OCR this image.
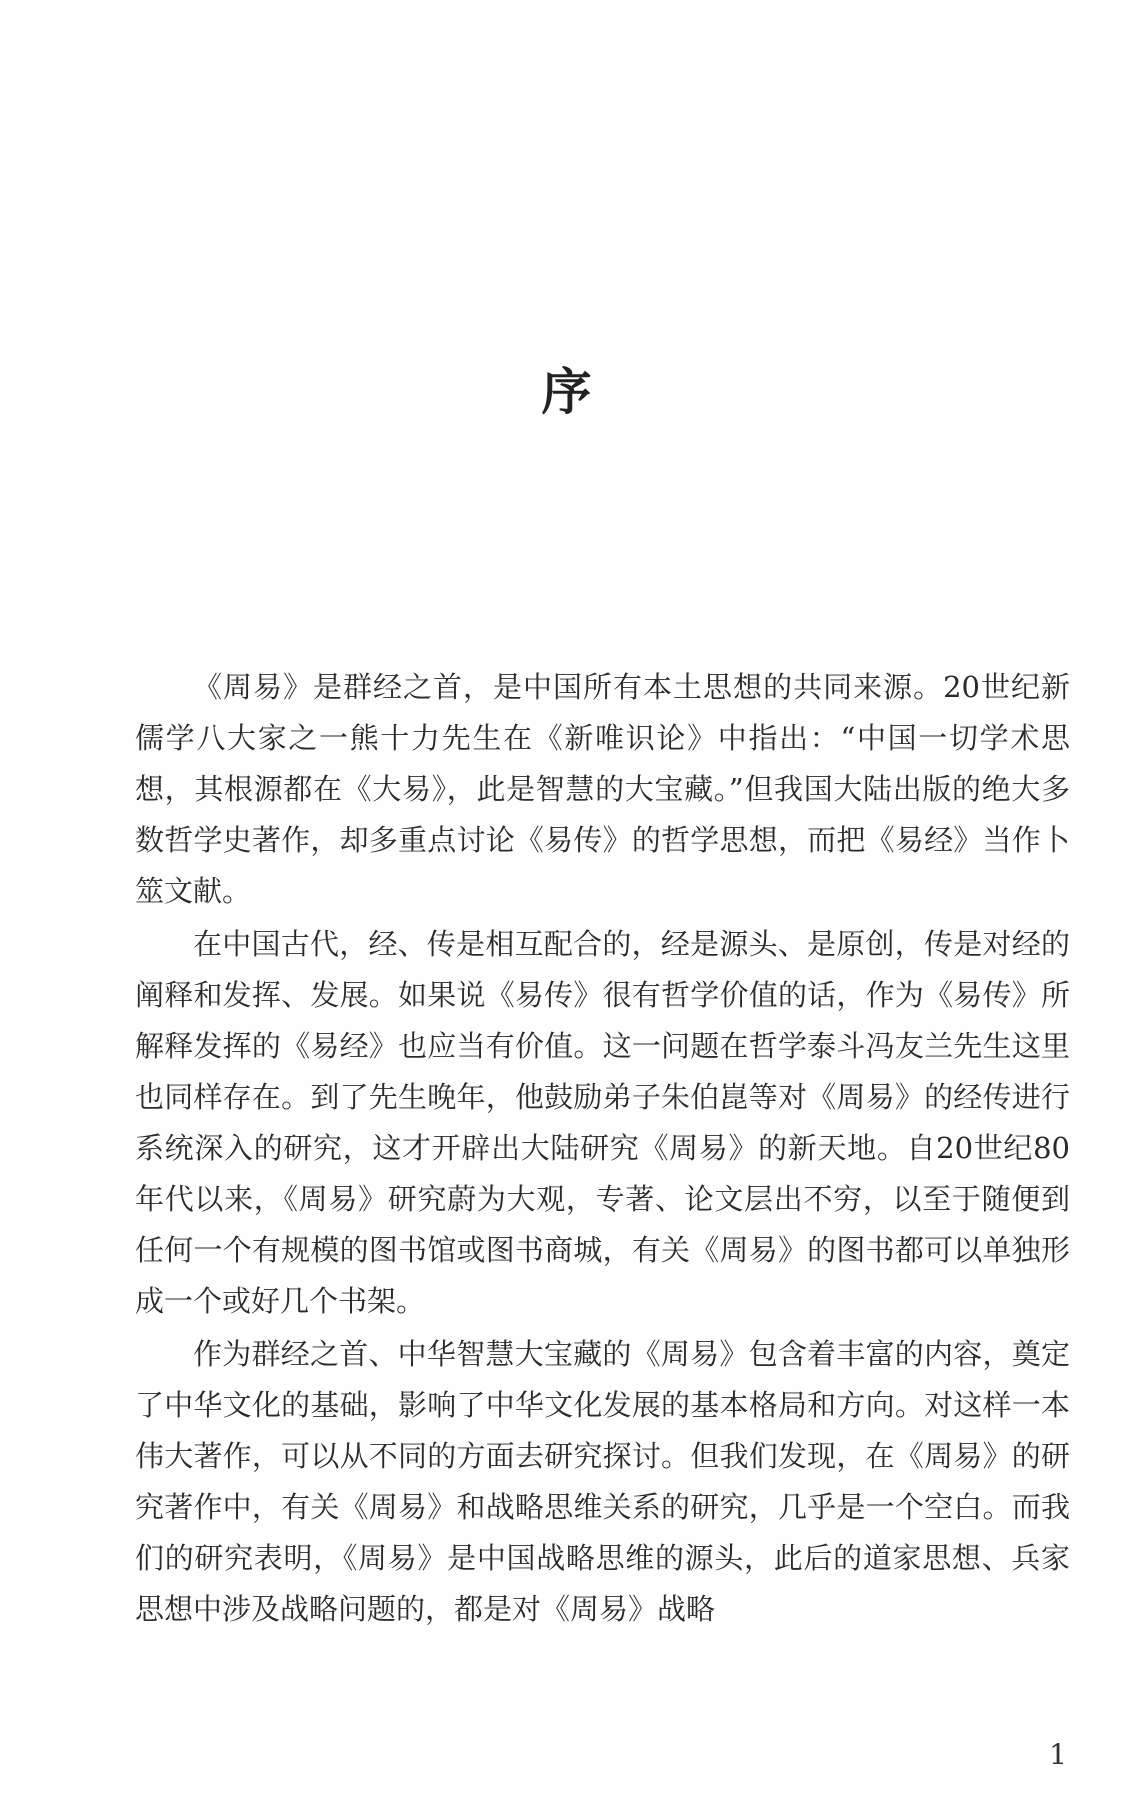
序

《周易》是群经之首，是中国所有本土思想的共同来源。20世纪新儒学八大家之一熊十力先生在《新唯识论》中指出：“中国一切学术思想，其根源都在《大易》，此是智慧的大宝藏。”但我国大陆出版的绝大多数哲学史著作，却多重点讨论《易传》的哲学思想，而把《易经》当作卜筮文献。

在中国古代，经、传是相互配合的，经是源头、是原创，传是对经的阐释和发挥、发展。如果说《易传》很有哲学价值的话，作为《易传》所解释发挥的《易经》也应当有价值。这一问题在哲学泰斗冯友兰先生这里也同样存在。到了先生晚年，他鼓励弟子朱伯崑等对《周易》的经传进行系统深入的研究，这才开辟出大陆研究《周易》的新天地。自20世纪80年代以来，《周易》研究蔚为大观，专著、论文层出不穷，以至于随便到任何一个有规模的图书馆或图书商城，有关《周易》的图书都可以单独形成一个或好几个书架。

作为群经之首、中华智慧大宝藏的《周易》包含着丰富的内容，奠定了中华文化的基础，影响了中华文化发展的基本格局和方向。对这样一本伟大著作，可以从不同的方面去研究探讨。但我们发现，在《周易》的研究著作中，有关《周易》和战略思维关系的研究，几乎是一个空白。而我们的研究表明，《周易》是中国战略思维的源头，此后的道家思想、兵家思想中涉及战略问题的，都是对《周易》战略

1
